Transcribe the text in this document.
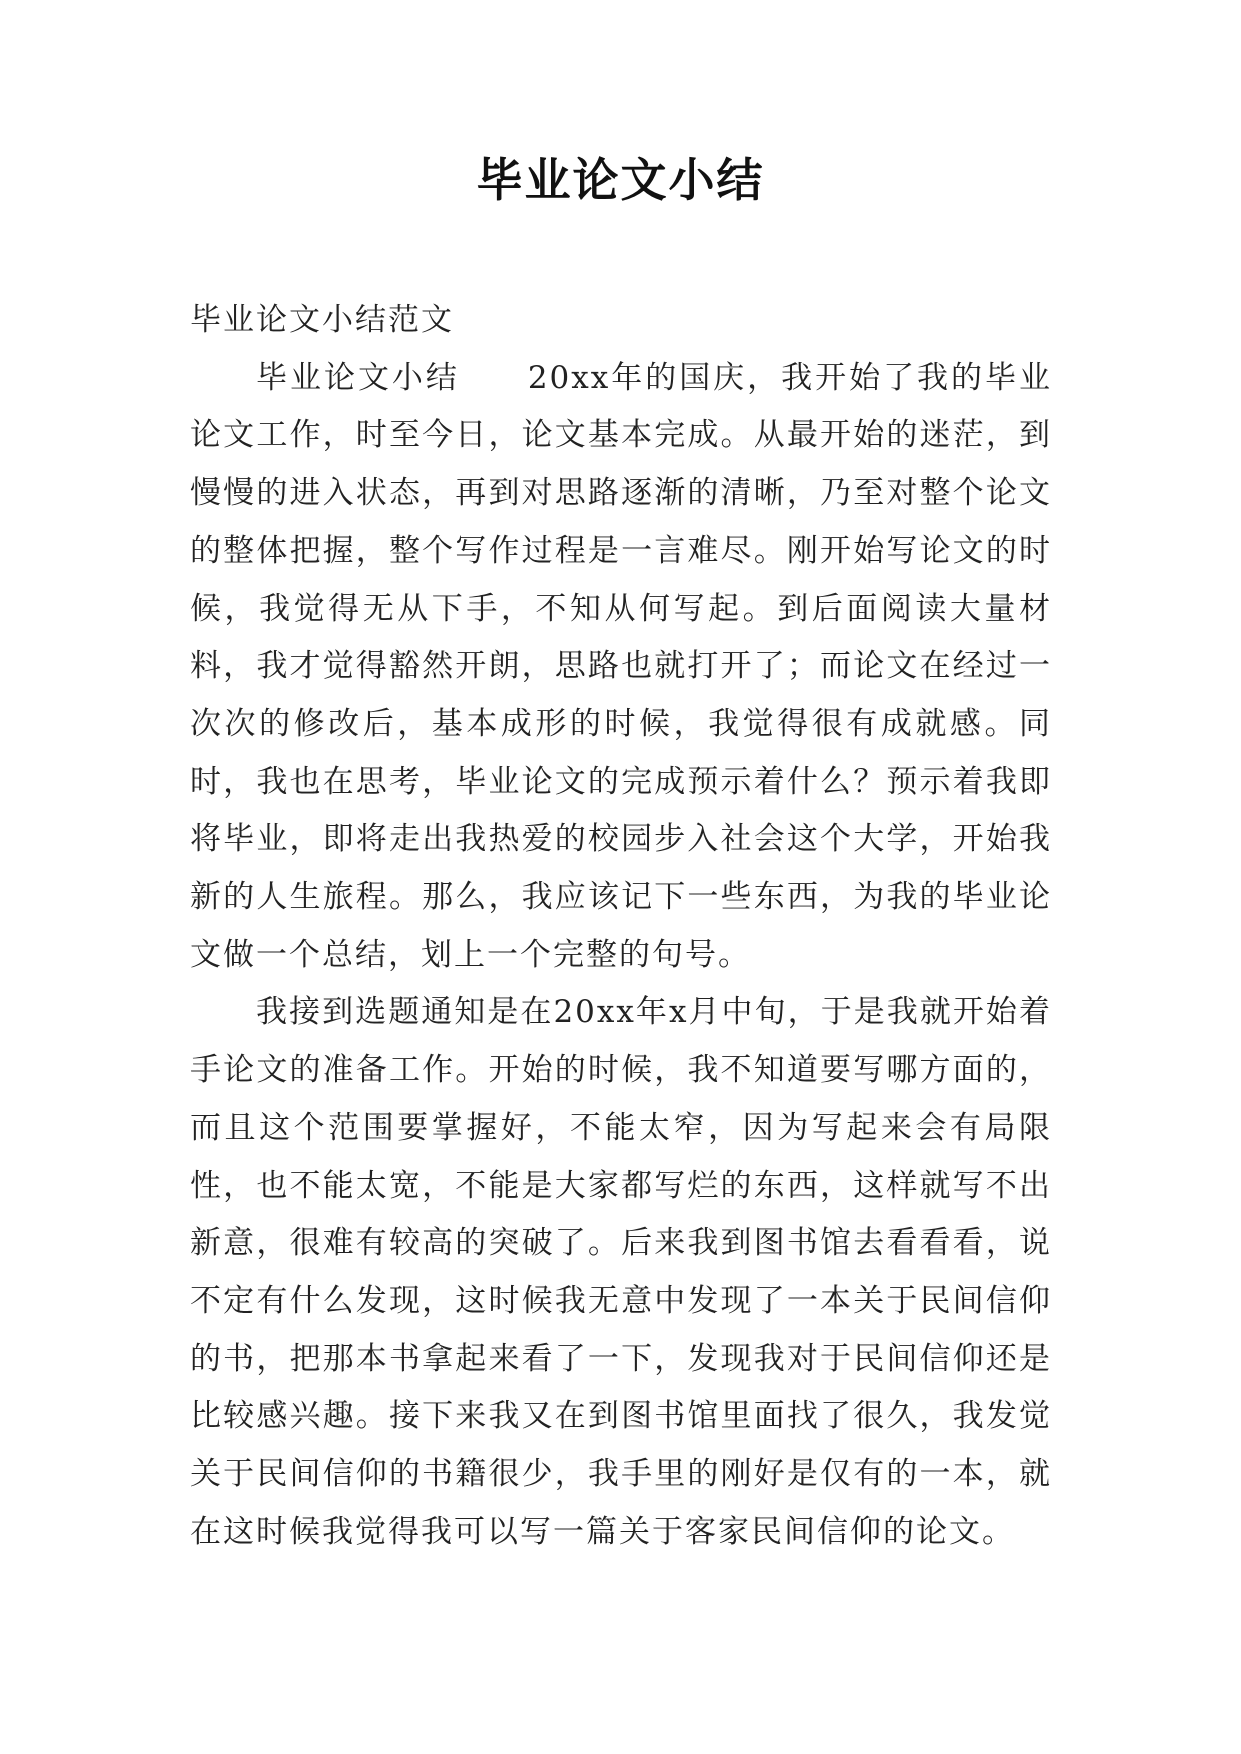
毕业论文小结

毕业论文小结范文

毕业论文小结　　20xx年的国庆，我开始了我的毕业论文工作，时至今日，论文基本完成。从最开始的迷茫，到慢慢的进入状态，再到对思路逐渐的清晰，乃至对整个论文的整体把握，整个写作过程是一言难尽。刚开始写论文的时候，我觉得无从下手，不知从何写起。到后面阅读大量材料，我才觉得豁然开朗，思路也就打开了；而论文在经过一次次的修改后，基本成形的时候，我觉得很有成就感。同时，我也在思考，毕业论文的完成预示着什么？预示着我即将毕业，即将走出我热爱的校园步入社会这个大学，开始我新的人生旅程。那么，我应该记下一些东西，为我的毕业论文做一个总结，划上一个完整的句号。

我接到选题通知是在20xx年x月中旬，于是我就开始着手论文的准备工作。开始的时候，我不知道要写哪方面的，而且这个范围要掌握好，不能太窄，因为写起来会有局限性，也不能太宽，不能是大家都写烂的东西，这样就写不出新意，很难有较高的突破了。后来我到图书馆去看看看，说不定有什么发现，这时候我无意中发现了一本关于民间信仰的书，把那本书拿起来看了一下，发现我对于民间信仰还是比较感兴趣。接下来我又在到图书馆里面找了很久，我发觉关于民间信仰的书籍很少，我手里的刚好是仅有的一本，就在这时候我觉得我可以写一篇关于客家民间信仰的论文。
